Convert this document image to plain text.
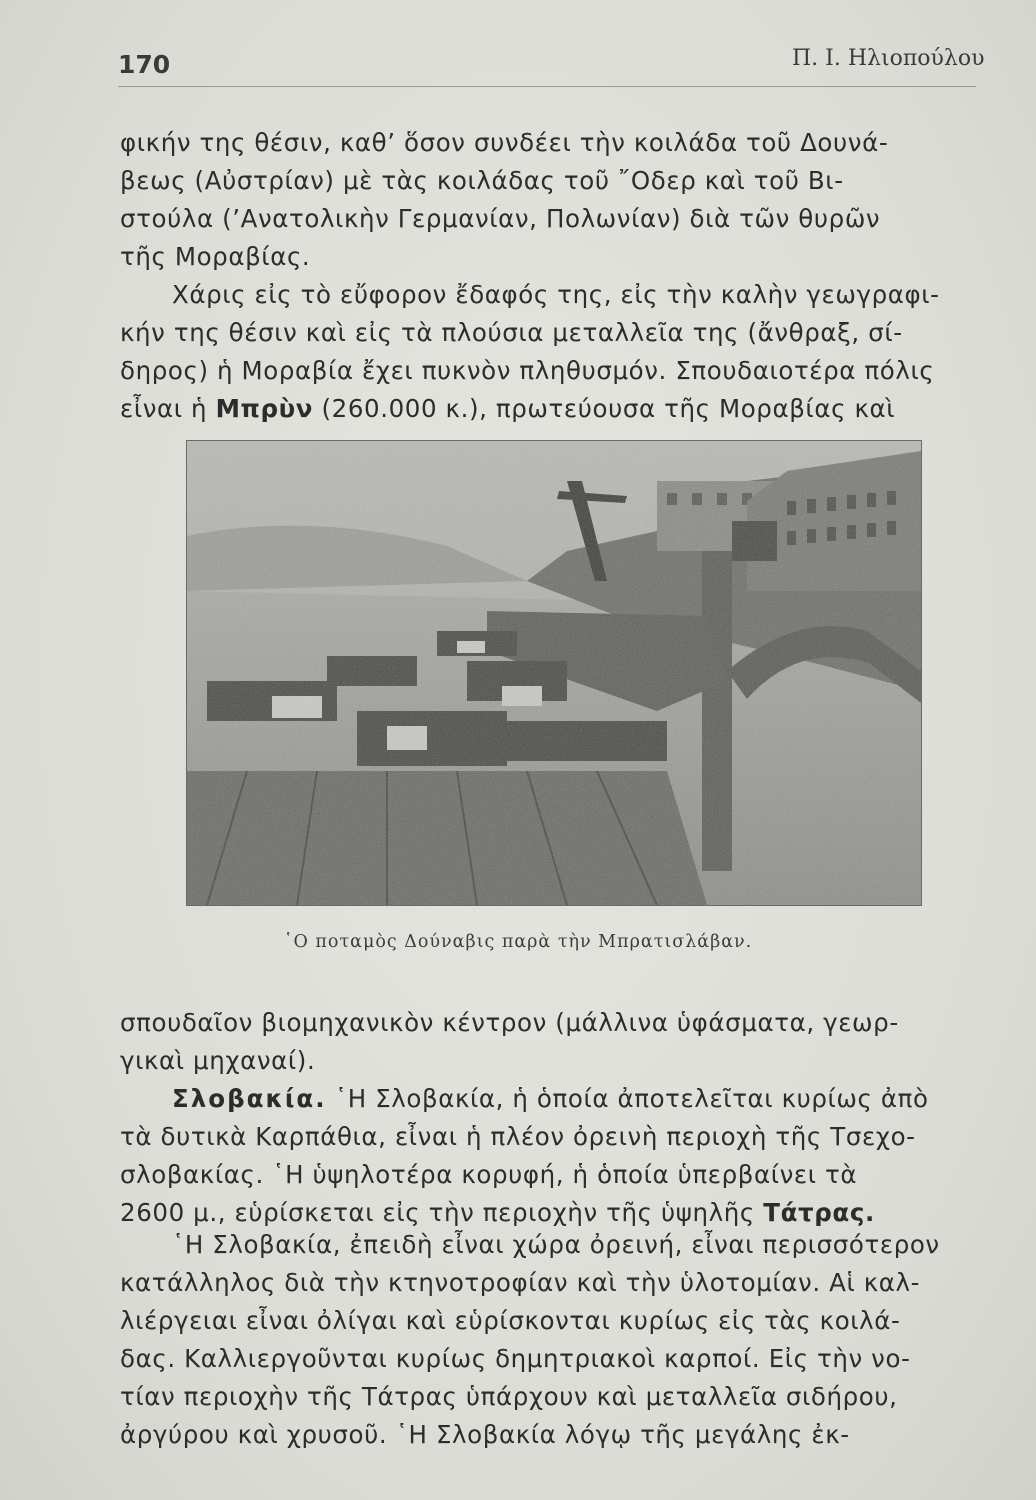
170	Π. Ι. Ηλιοπούλου
φικήν της θέσιν, καθ’ ὅσον συνδέει τὴν κοιλάδα τοῦ Δουνά-
βεως (Αὐστρίαν) μὲ τὰς κοιλάδας τοῦ ῎Οδερ καὶ τοῦ Βι-
στούλα (’Ανατολικὴν Γερμανίαν, Πολωνίαν) διὰ τῶν θυρῶν
τῆς Μοραβίας.
Χάρις εἰς τὸ εὔφορον ἔδαφός της, εἰς τὴν καλὴν γεωγραφι-
κήν της θέσιν καὶ εἰς τὰ πλούσια μεταλλεῖα της (ἄνθραξ, σί-
δηρος) ἡ Μοραβία ἔχει πυκνὸν πληθυσμόν. Σπουδαιοτέρα πόλις
εἶναι ἡ Μπρὺν (260.000 κ.), πρωτεύουσα τῆς Μοραβίας καὶ
῾Ο ποταμὸς Δούναβις παρὰ τὴν Μπρατισλάβαν.
σπουδαῖον βιομηχανικὸν κέντρον (μάλλινα ὑφάσματα, γεωρ-
γικαὶ μηχαναί).
Σλοβακία. ῾Η Σλοβακία, ἡ ὁποία ἀποτελεῖται κυρίως ἀπὸ
τὰ δυτικὰ Καρπάθια, εἶναι ἡ πλέον ὀρεινὴ περιοχὴ τῆς Τσεχο-
σλοβακίας. ῾Η ὑψηλοτέρα κορυφή, ἡ ὁποία ὑπερβαίνει τὰ
2600 μ., εὑρίσκεται εἰς τὴν περιοχὴν τῆς ὑψηλῆς Τάτρας.
῾Η Σλοβακία, ἐπειδὴ εἶναι χώρα ὀρεινή, εἶναι περισσότερον
κατάλληλος διὰ τὴν κτηνοτροφίαν καὶ τὴν ὑλοτομίαν. Αἱ καλ-
λιέργειαι εἶναι ὀλίγαι καὶ εὑρίσκονται κυρίως εἰς τὰς κοιλά-
δας. Καλλιεργοῦνται κυρίως δημητριακοὶ καρποί. Εἰς τὴν νο-
τίαν περιοχὴν τῆς Τάτρας ὑπάρχουν καὶ μεταλλεῖα σιδήρου,
ἀργύρου καὶ χρυσοῦ. ῾Η Σλοβακία λόγῳ τῆς μεγάλης ἐκ-
